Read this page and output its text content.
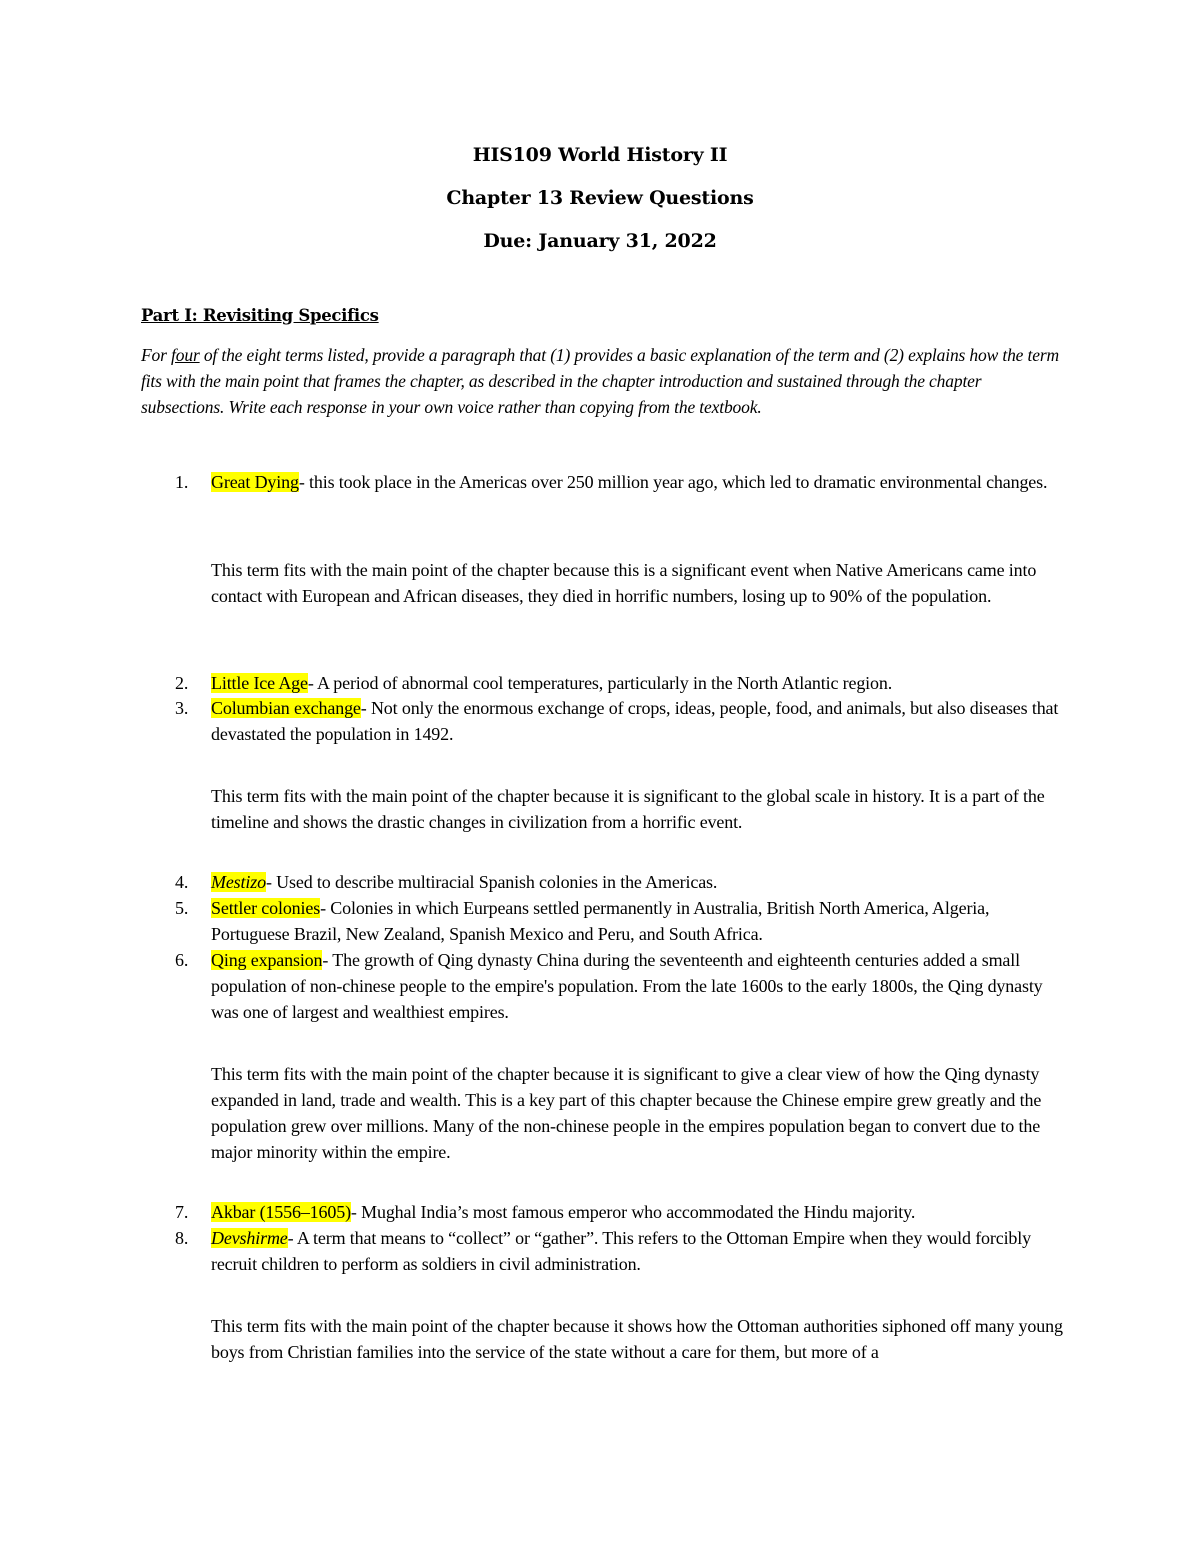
HIS109 World History II
Chapter 13 Review Questions
Due: January 31, 2022
Part I: Revisiting Specifics
For four of the eight terms listed, provide a paragraph that (1) provides a basic explanation of the term and (2) explains how the term fits with the main point that frames the chapter, as described in the chapter introduction and sustained through the chapter subsections. Write each response in your own voice rather than copying from the textbook.
1. Great Dying- this took place in the Americas over 250 million year ago, which led to dramatic environmental changes.
This term fits with the main point of the chapter because this is a significant event when Native Americans came into contact with European and African diseases, they died in horrific numbers, losing up to 90% of the population.
2. Little Ice Age- A period of abnormal cool temperatures, particularly in the North Atlantic region.
3. Columbian exchange- Not only the enormous exchange of crops, ideas, people, food, and animals, but also diseases that devastated the population in 1492.
This term fits with the main point of the chapter because it is significant to the global scale in history. It is a part of the timeline and shows the drastic changes in civilization from a horrific event.
4. Mestizo- Used to describe multiracial Spanish colonies in the Americas.
5. Settler colonies- Colonies in which Eurpeans settled permanently in Australia, British North America, Algeria, Portuguese Brazil, New Zealand, Spanish Mexico and Peru, and South Africa.
6. Qing expansion- The growth of Qing dynasty China during the seventeenth and eighteenth centuries added a small population of non-chinese people to the empire's population. From the late 1600s to the early 1800s, the Qing dynasty was one of largest and wealthiest empires.
This term fits with the main point of the chapter because it is significant to give a clear view of how the Qing dynasty expanded in land, trade and wealth. This is a key part of this chapter because the Chinese empire grew greatly and the population grew over millions. Many of the non-chinese people in the empires population began to convert due to the major minority within the empire.
7. Akbar (1556–1605)- Mughal India’s most famous emperor who accommodated the Hindu majority.
8. Devshirme- A term that means to “collect” or “gather”. This refers to the Ottoman Empire when they would forcibly recruit children to perform as soldiers in civil administration.
This term fits with the main point of the chapter because it shows how the Ottoman authorities siphoned off many young boys from Christian families into the service of the state without a care for them, but more of a
